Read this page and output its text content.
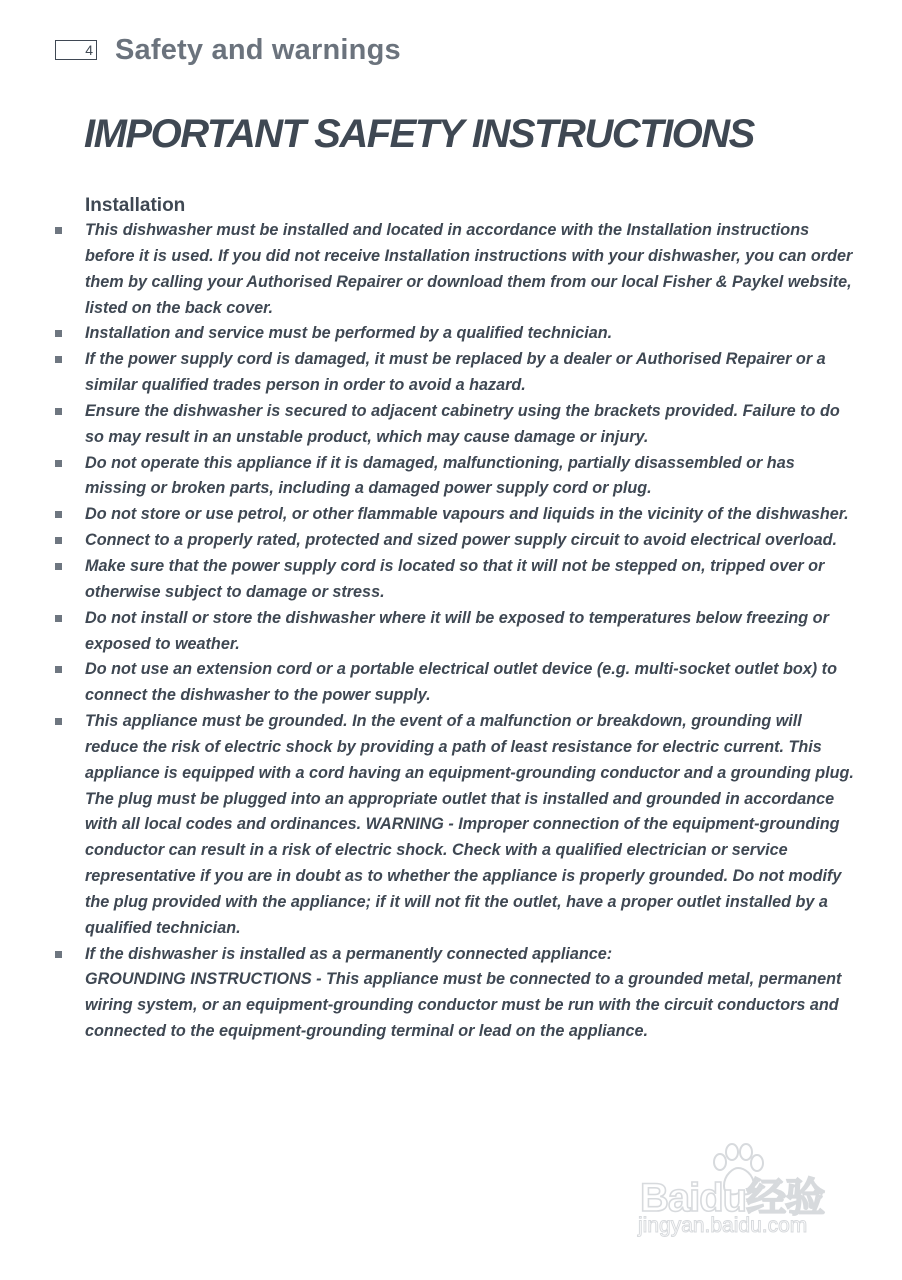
4 Safety and warnings
IMPORTANT SAFETY INSTRUCTIONS
Installation
This dishwasher must be installed and located in accordance with the Installation instructions before it is used. If you did not receive Installation instructions with your dishwasher, you can order them by calling your Authorised Repairer or download them from our local Fisher & Paykel website, listed on the back cover.
Installation and service must be performed by a qualified technician.
If the power supply cord is damaged, it must be replaced by a dealer or Authorised Repairer or a similar qualified trades person in order to avoid a hazard.
Ensure the dishwasher is secured to adjacent cabinetry using the brackets provided. Failure to do so may result in an unstable product, which may cause damage or injury.
Do not operate this appliance if it is damaged, malfunctioning, partially disassembled or has missing or broken parts, including a damaged power supply cord or plug.
Do not store or use petrol, or other flammable vapours and liquids in the vicinity of the dishwasher.
Connect to a properly rated, protected and sized power supply circuit to avoid electrical overload.
Make sure that the power supply cord is located so that it will not be stepped on, tripped over or otherwise subject to damage or stress.
Do not install or store the dishwasher where it will be exposed to temperatures below freezing or exposed to weather.
Do not use an extension cord or a portable electrical outlet device (e.g. multi-socket outlet box) to connect the dishwasher to the power supply.
This appliance must be grounded. In the event of a malfunction or breakdown, grounding will reduce the risk of electric shock by providing a path of least resistance for electric current. This appliance is equipped with a cord having an equipment-grounding conductor and a grounding plug. The plug must be plugged into an appropriate outlet that is installed and grounded in accordance with all local codes and ordinances. WARNING - Improper connection of the equipment-grounding conductor can result in a risk of electric shock. Check with a qualified electrician or service representative if you are in doubt as to whether the appliance is properly grounded. Do not modify the plug provided with the appliance; if it will not fit the outlet, have a proper outlet installed by a qualified technician.
If the dishwasher is installed as a permanently connected appliance:
GROUNDING INSTRUCTIONS - This appliance must be connected to a grounded metal, permanent wiring system, or an equipment-grounding conductor must be run with the circuit conductors and connected to the equipment-grounding terminal or lead on the appliance.
Baidu经验
jingyan.baidu.com
